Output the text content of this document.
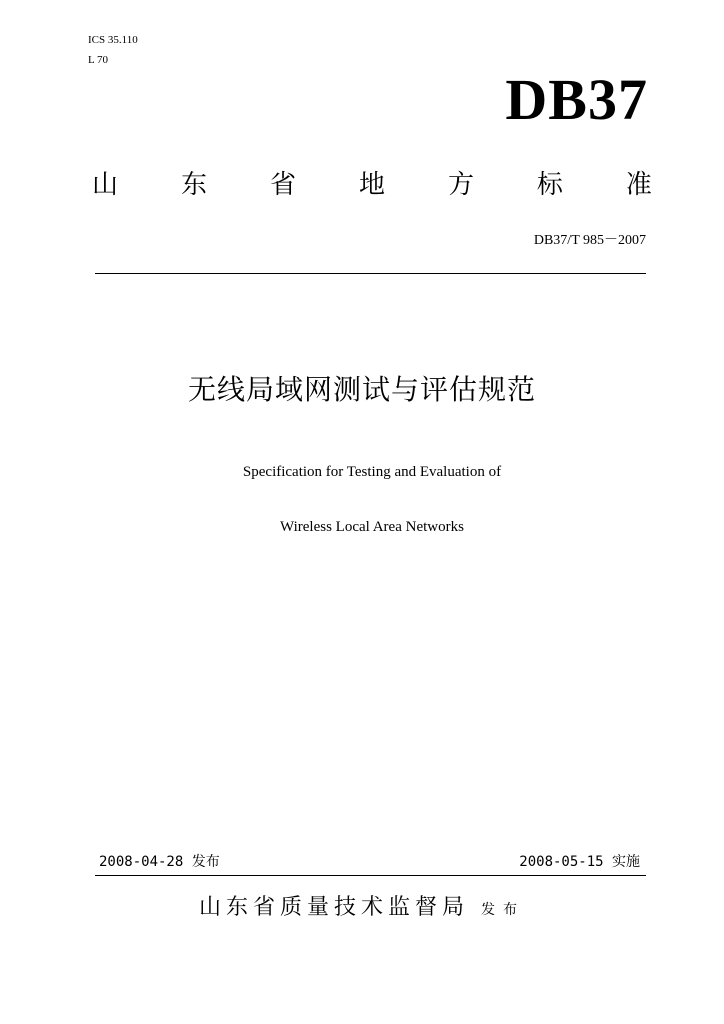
ICS 35.110
L 70
DB37
山 东 省 地 方 标 准
DB37/T 985－2007
无线局域网测试与评估规范
Specification for Testing and Evaluation of
Wireless Local Area Networks
2008-04-28 发布	2008-05-15 实施
山东省质量技术监督局 发布
